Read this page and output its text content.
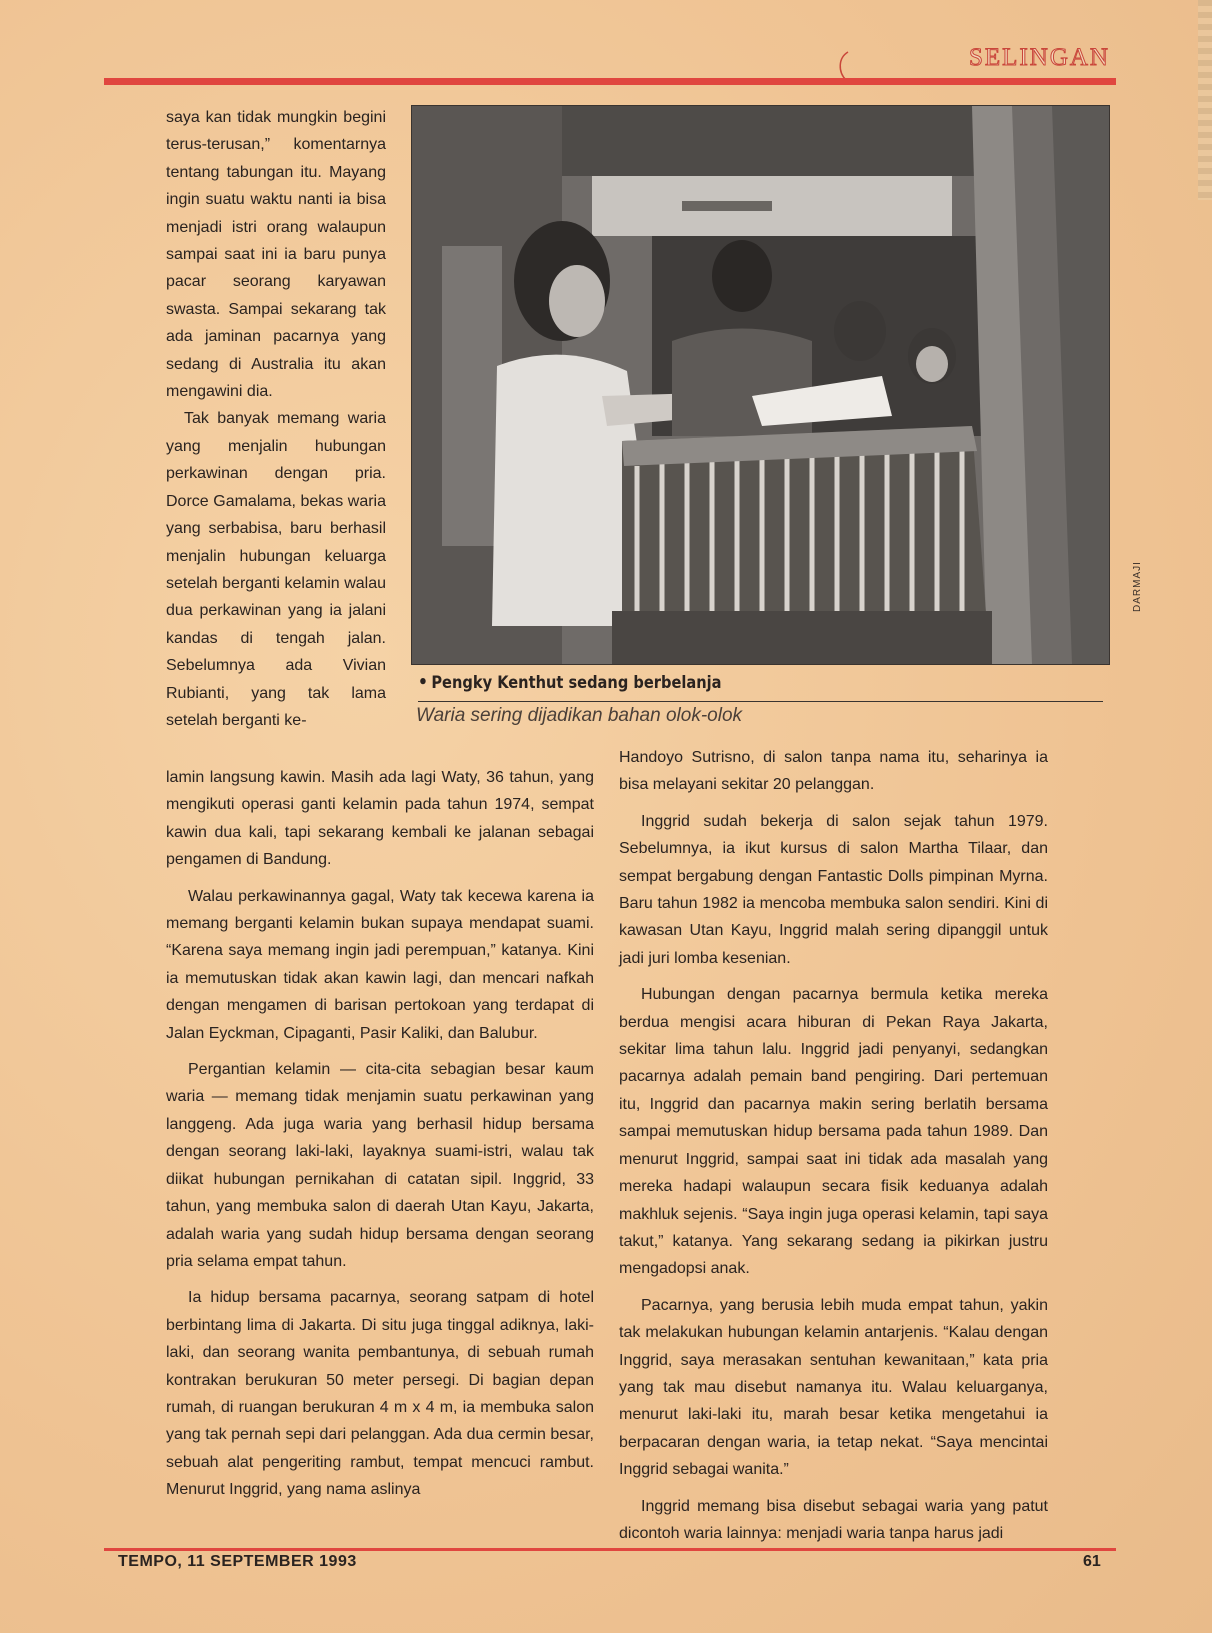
SELINGAN
DARMAJI
• Pengky Kenthut sedang berbelanja
Waria sering dijadikan bahan olok-olok

saya kan tidak mungkin begini terus-terusan,” komentarnya tentang tabungan itu. Mayang ingin suatu waktu nanti ia bisa menjadi istri orang walaupun sampai saat ini ia baru punya pacar seorang karyawan swasta. Sampai sekarang tak ada jaminan pacarnya yang sedang di Australia itu akan mengawini dia.

Tak banyak memang waria yang menjalin hubungan perkawinan dengan pria. Dorce Gamalama, bekas waria yang serbabisa, baru berhasil menjalin hubungan keluarga setelah berganti kelamin walau dua perkawinan yang ia jalani kandas di tengah jalan. Sebelumnya ada Vivian Rubianti, yang tak lama setelah berganti ke-

lamin langsung kawin. Masih ada lagi Waty, 36 tahun, yang mengikuti operasi ganti kelamin pada tahun 1974, sempat kawin dua kali, tapi sekarang kembali ke jalanan sebagai pengamen di Bandung.

Walau perkawinannya gagal, Waty tak kecewa karena ia memang berganti kelamin bukan supaya mendapat suami. “Karena saya memang ingin jadi perempuan,” katanya. Kini ia memutuskan tidak akan kawin lagi, dan mencari nafkah dengan mengamen di barisan pertokoan yang terdapat di Jalan Eyckman, Cipaganti, Pasir Kaliki, dan Balubur.

Pergantian kelamin — cita-cita sebagian besar kaum waria — memang tidak menjamin suatu perkawinan yang langgeng. Ada juga waria yang berhasil hidup bersama dengan seorang laki-laki, layaknya suami-istri, walau tak diikat hubungan pernikahan di catatan sipil. Inggrid, 33 tahun, yang membuka salon di daerah Utan Kayu, Jakarta, adalah waria yang sudah hidup bersama dengan seorang pria selama empat tahun.

Ia hidup bersama pacarnya, seorang satpam di hotel berbintang lima di Jakarta. Di situ juga tinggal adiknya, laki-laki, dan seorang wanita pembantunya, di sebuah rumah kontrakan berukuran 50 meter persegi. Di bagian depan rumah, di ruangan berukuran 4 m x 4 m, ia membuka salon yang tak pernah sepi dari pelanggan. Ada dua cermin besar, sebuah alat pengeriting rambut, tempat mencuci rambut. Menurut Inggrid, yang nama aslinya

Handoyo Sutrisno, di salon tanpa nama itu, seharinya ia bisa melayani sekitar 20 pelanggan.

Inggrid sudah bekerja di salon sejak tahun 1979. Sebelumnya, ia ikut kursus di salon Martha Tilaar, dan sempat bergabung dengan Fantastic Dolls pimpinan Myrna. Baru tahun 1982 ia mencoba membuka salon sendiri. Kini di kawasan Utan Kayu, Inggrid malah sering dipanggil untuk jadi juri lomba kesenian.

Hubungan dengan pacarnya bermula ketika mereka berdua mengisi acara hiburan di Pekan Raya Jakarta, sekitar lima tahun lalu. Inggrid jadi penyanyi, sedangkan pacarnya adalah pemain band pengiring. Dari pertemuan itu, Inggrid dan pacarnya makin sering berlatih bersama sampai memutuskan hidup bersama pada tahun 1989. Dan menurut Inggrid, sampai saat ini tidak ada masalah yang mereka hadapi walaupun secara fisik keduanya adalah makhluk sejenis. “Saya ingin juga operasi kelamin, tapi saya takut,” katanya. Yang sekarang sedang ia pikirkan justru mengadopsi anak.

Pacarnya, yang berusia lebih muda empat tahun, yakin tak melakukan hubungan kelamin antarjenis. “Kalau dengan Inggrid, saya merasakan sentuhan kewanitaan,” kata pria yang tak mau disebut namanya itu. Walau keluarganya, menurut laki-laki itu, marah besar ketika mengetahui ia berpacaran dengan waria, ia tetap nekat. “Saya mencintai Inggrid sebagai wanita.”

Inggrid memang bisa disebut sebagai waria yang patut dicontoh waria lainnya: menjadi waria tanpa harus jadi

TEMPO, 11 SEPTEMBER 1993	61
